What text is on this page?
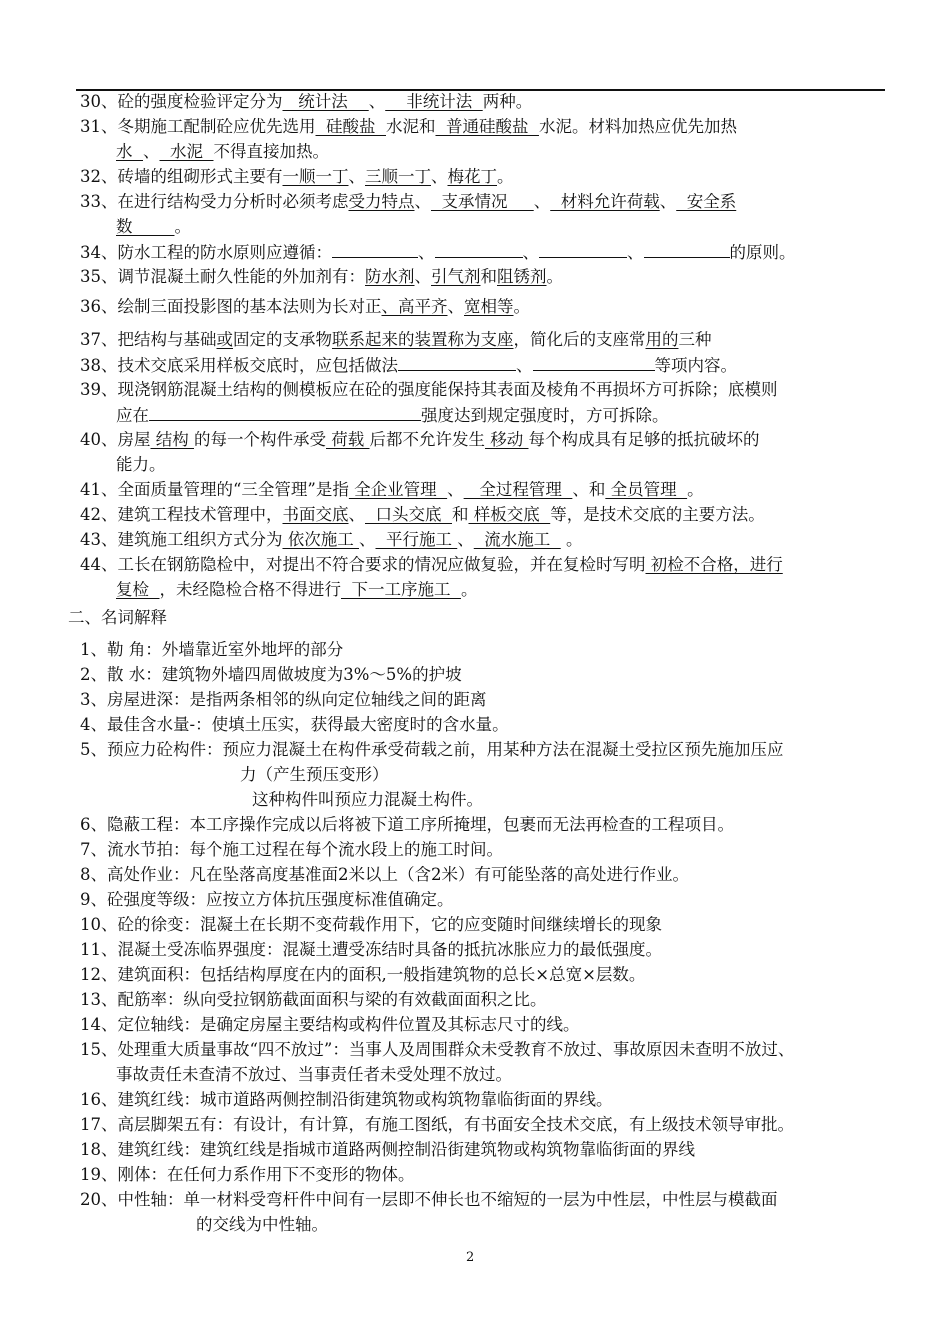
30、砼的强度检验评定分为   统计法    、    非统计法  两种。
31、冬期施工配制砼应优先选用  硅酸盐  水泥和  普通硅酸盐  水泥。材料加热应优先加热
水  、  水泥  不得直接加热。
32、砖墙的组砌形式主要有一顺一丁、三顺一丁、梅花丁。
33、在进行结构受力分析时必须考虑受力特点、  支承情况     、  材料允许荷载、  安全系
数        。
34、防水工程的防水原则应遵循：	、	、	、	的原则。
35、调节混凝土耐久性能的外加剂有：防水剂、引气剂和阻锈剂。
36、绘制三面投影图的基本法则为长对正、高平齐、宽相等。
37、把结构与基础或固定的支承物联系起来的装置称为支座，简化后的支座常用的三种
38、技术交底采用样板交底时，应包括做法	、	等项内容。
39、现浇钢筋混凝土结构的侧模板应在砼的强度能保持其表面及棱角不再损坏方可拆除；底模则
应在	强度达到规定强度时，方可拆除。
40、房屋 结构 的每一个构件承受 荷载 后都不允许发生 移动 每个构成具有足够的抵抗破坏的
能力。
41、全面质量管理的“三全管理”是指 全企业管理  、   全过程管理  、和 全员管理  。
42、建筑工程技术管理中，书面交底、  口头交底  和 样板交底  等，是技术交底的主要方法。
43、建筑施工组织方式分为 依次施工 、  平行施工 、  流水施工   。
44、工长在钢筋隐检中，对提出不符合要求的情况应做复验，并在复检时写明 初检不合格，进行
复检  ，未经隐检合格不得进行  下一工序施工  。
二、名词解释
1、勒 角：外墙靠近室外地坪的部分
2、散 水：建筑物外墙四周做坡度为3%～5%的护坡
3、房屋进深：是指两条相邻的纵向定位轴线之间的距离
4、最佳含水量-：使填土压实，获得最大密度时的含水量。
5、预应力砼构件：预应力混凝土在构件承受荷载之前，用某种方法在混凝土受拉区预先施加压应
力（产生预压变形）
这种构件叫预应力混凝土构件。
6、隐蔽工程：本工序操作完成以后将被下道工序所掩埋，包裹而无法再检查的工程项目。
7、流水节拍：每个施工过程在每个流水段上的施工时间。
8、高处作业：凡在坠落高度基准面2米以上（含2米）有可能坠落的高处进行作业。
9、砼强度等级：应按立方体抗压强度标准值确定。
10、砼的徐变：混凝土在长期不变荷载作用下，它的应变随时间继续增长的现象
11、混凝土受冻临界强度：混凝土遭受冻结时具备的抵抗冰胀应力的最低强度。
12、建筑面积：包括结构厚度在内的面积,一般指建筑物的总长×总宽×层数。
13、配筋率：纵向受拉钢筋截面面积与梁的有效截面面积之比。
14、定位轴线：是确定房屋主要结构或构件位置及其标志尺寸的线。
15、处理重大质量事故“四不放过”：当事人及周围群众未受教育不放过、事故原因未查明不放过、
事故责任未查清不放过、当事责任者未受处理不放过。
16、建筑红线：城市道路两侧控制沿街建筑物或构筑物靠临街面的界线。
17、高层脚架五有：有设计，有计算，有施工图纸，有书面安全技术交底，有上级技术领导审批。
18、建筑红线：建筑红线是指城市道路两侧控制沿街建筑物或构筑物靠临街面的界线
19、刚体：在任何力系作用下不变形的物体。
20、中性轴：单一材料受弯杆件中间有一层即不伸长也不缩短的一层为中性层，中性层与模截面
的交线为中性轴。
2
